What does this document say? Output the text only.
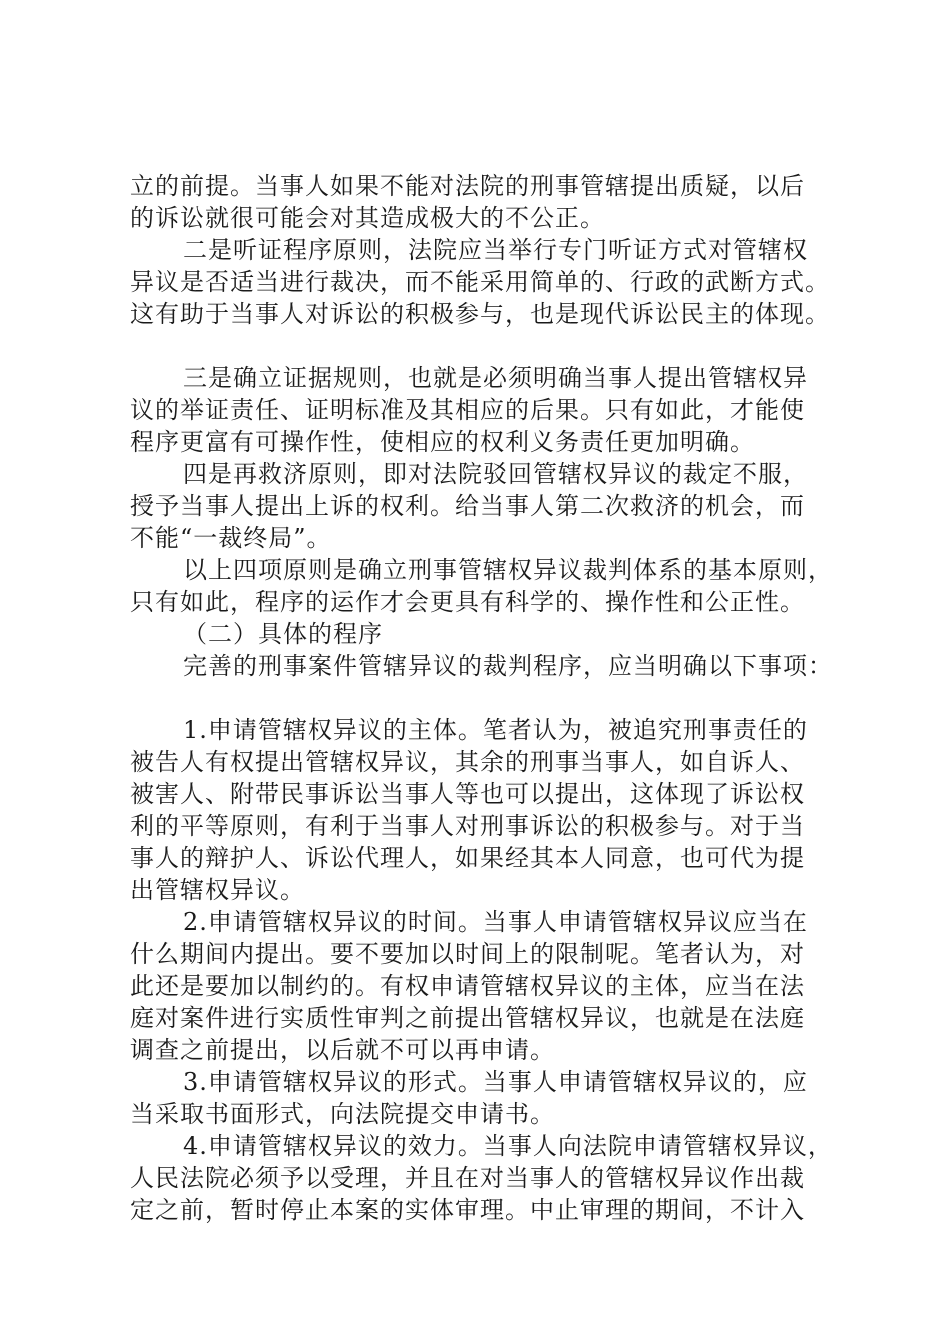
立的前提。当事人如果不能对法院的刑事管辖提出质疑，以后
的诉讼就很可能会对其造成极大的不公正。
二是听证程序原则，法院应当举行专门听证方式对管辖权
异议是否适当进行裁决，而不能采用简单的、行政的武断方式。
这有助于当事人对诉讼的积极参与，也是现代诉讼民主的体现。
三是确立证据规则，也就是必须明确当事人提出管辖权异
议的举证责任、证明标准及其相应的后果。只有如此，才能使
程序更富有可操作性，使相应的权利义务责任更加明确。
四是再救济原则，即对法院驳回管辖权异议的裁定不服，
授予当事人提出上诉的权利。给当事人第二次救济的机会，而
不能“一裁终局”。
以上四项原则是确立刑事管辖权异议裁判体系的基本原则，
只有如此，程序的运作才会更具有科学的、操作性和公正性。
（二）具体的程序
完善的刑事案件管辖异议的裁判程序，应当明确以下事项：
1.申请管辖权异议的主体。笔者认为，被追究刑事责任的
被告人有权提出管辖权异议，其余的刑事当事人，如自诉人、
被害人、附带民事诉讼当事人等也可以提出，这体现了诉讼权
利的平等原则，有利于当事人对刑事诉讼的积极参与。对于当
事人的辩护人、诉讼代理人，如果经其本人同意，也可代为提
出管辖权异议。
2.申请管辖权异议的时间。当事人申请管辖权异议应当在
什么期间内提出。要不要加以时间上的限制呢。笔者认为，对
此还是要加以制约的。有权申请管辖权异议的主体，应当在法
庭对案件进行实质性审判之前提出管辖权异议，也就是在法庭
调查之前提出，以后就不可以再申请。
3.申请管辖权异议的形式。当事人申请管辖权异议的，应
当采取书面形式，向法院提交申请书。
4.申请管辖权异议的效力。当事人向法院申请管辖权异议，
人民法院必须予以受理，并且在对当事人的管辖权异议作出裁
定之前，暂时停止本案的实体审理。中止审理的期间，不计入
